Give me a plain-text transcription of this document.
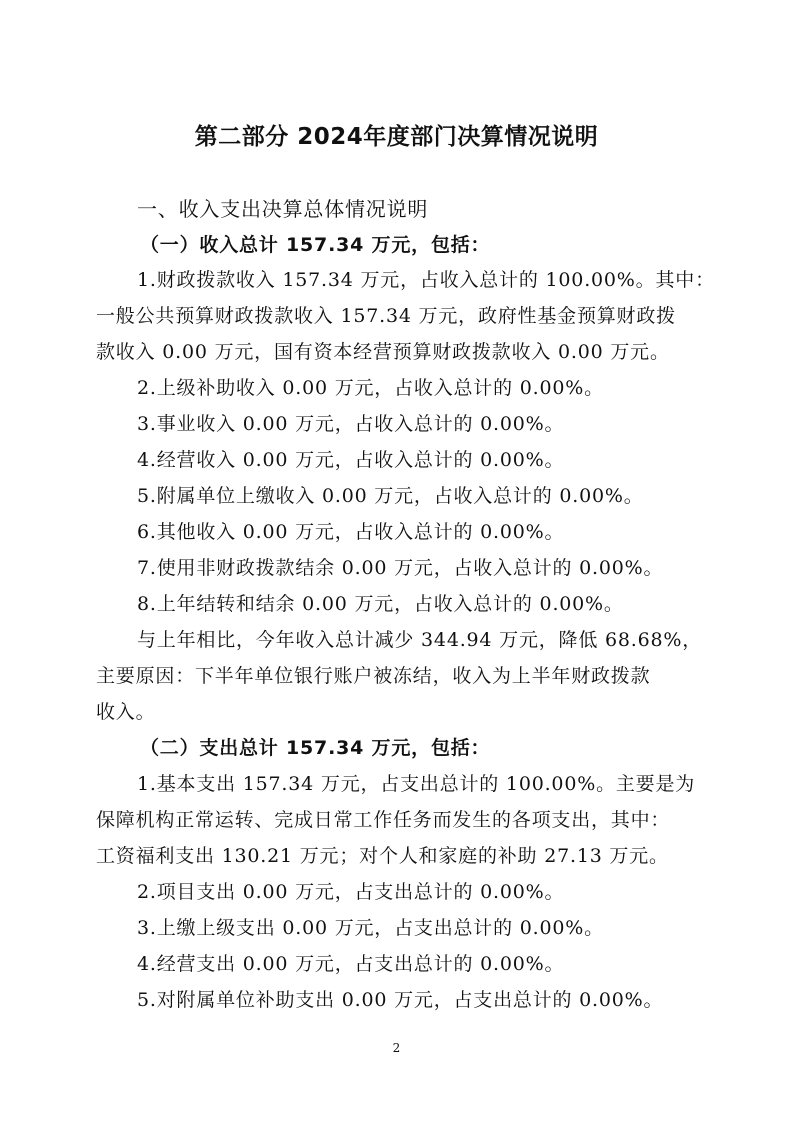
第二部分 2024年度部门决算情况说明
一、收入支出决算总体情况说明
（一）收入总计 157.34 万元，包括：
1.财政拨款收入 157.34 万元，占收入总计的 100.00%。其中：
一般公共预算财政拨款收入 157.34 万元，政府性基金预算财政拨
款收入 0.00 万元，国有资本经营预算财政拨款收入 0.00 万元。
2.上级补助收入 0.00 万元，占收入总计的 0.00%。
3.事业收入 0.00 万元，占收入总计的 0.00%。
4.经营收入 0.00 万元，占收入总计的 0.00%。
5.附属单位上缴收入 0.00 万元，占收入总计的 0.00%。
6.其他收入 0.00 万元，占收入总计的 0.00%。
7.使用非财政拨款结余 0.00 万元，占收入总计的 0.00%。
8.上年结转和结余 0.00 万元，占收入总计的 0.00%。
与上年相比，今年收入总计减少 344.94 万元，降低 68.68%，
主要原因：下半年单位银行账户被冻结，收入为上半年财政拨款
收入。
（二）支出总计 157.34 万元，包括：
1.基本支出 157.34 万元，占支出总计的 100.00%。主要是为
保障机构正常运转、完成日常工作任务而发生的各项支出，其中：
工资福利支出 130.21 万元；对个人和家庭的补助 27.13 万元。
2.项目支出 0.00 万元，占支出总计的 0.00%。
3.上缴上级支出 0.00 万元，占支出总计的 0.00%。
4.经营支出 0.00 万元，占支出总计的 0.00%。
5.对附属单位补助支出 0.00 万元，占支出总计的 0.00%。
2
